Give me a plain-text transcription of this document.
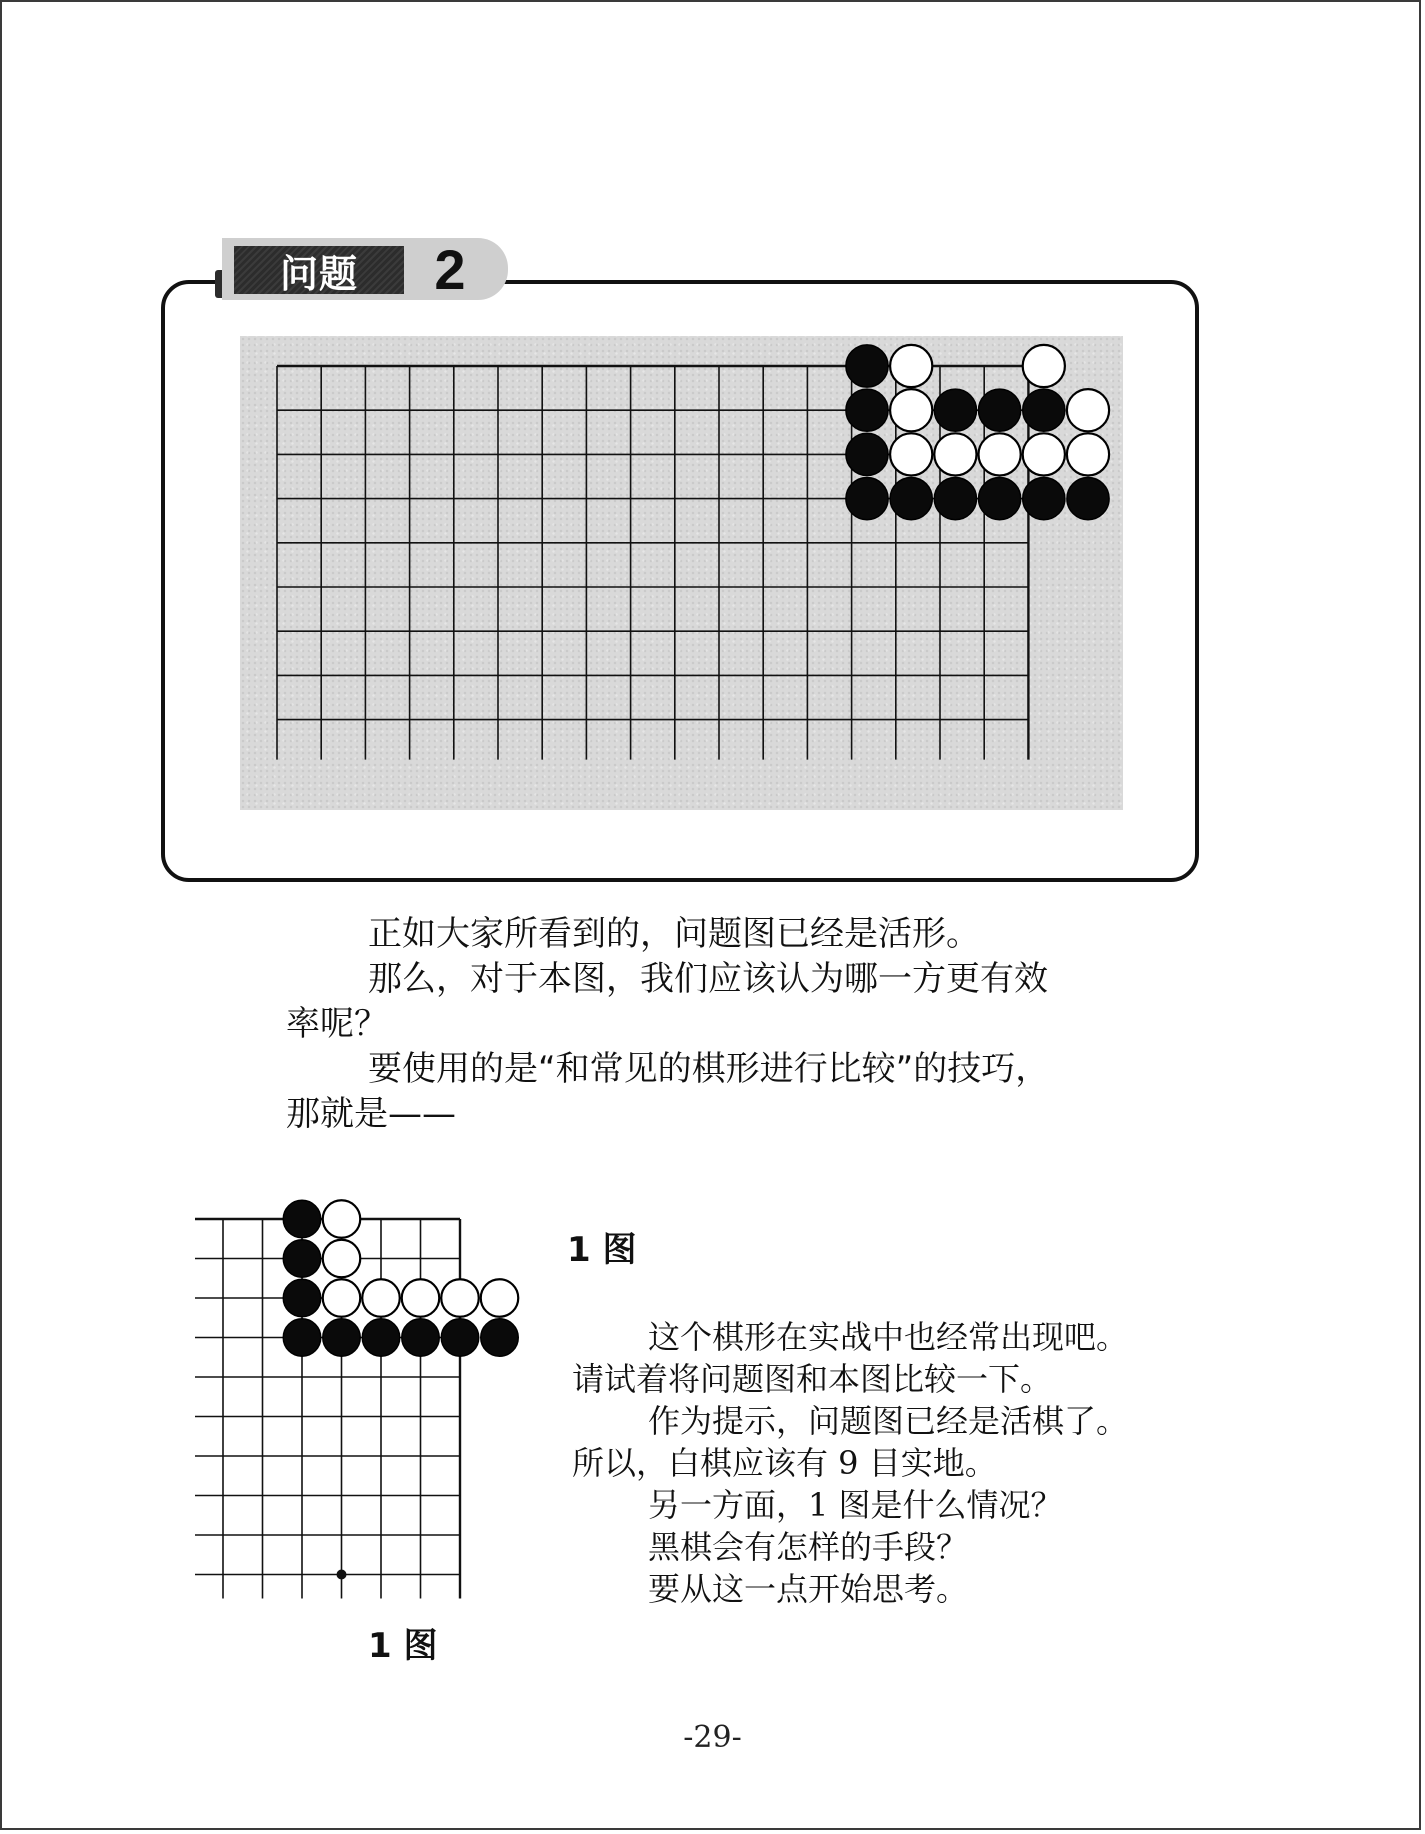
问题	2

正如大家所看到的，问题图已经是活形。

那么，对于本图，我们应该认为哪一方更有效

率呢？

要使用的是“和常见的棋形进行比较”的技巧，

那就是——

1 图
1 图

这个棋形在实战中也经常出现吧。

请试着将问题图和本图比较一下。

作为提示，问题图已经是活棋了。

所以，白棋应该有 9 目实地。

另一方面，1 图是什么情况？

黑棋会有怎样的手段？

要从这一点开始思考。

-29-
